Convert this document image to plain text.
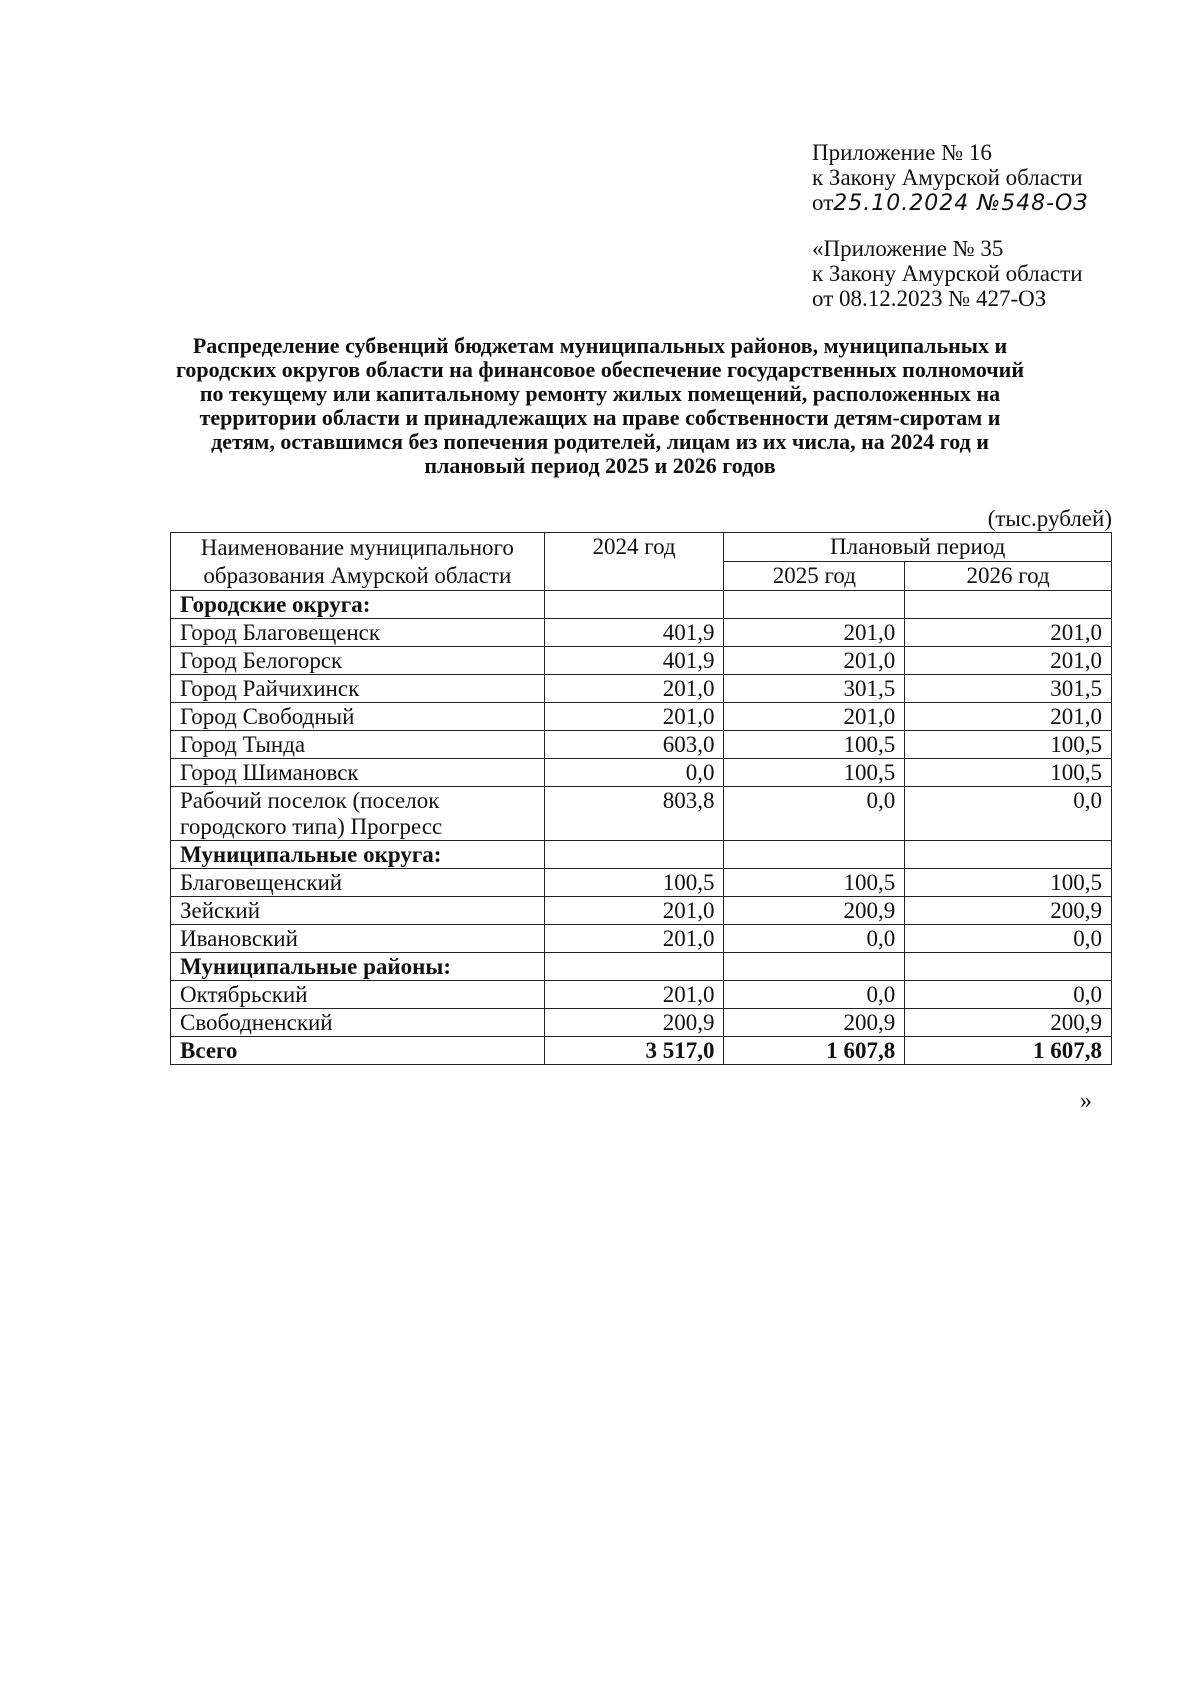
Приложение № 16
к Закону Амурской области
от25.10.2024 №548-ОЗ
«Приложение № 35
к Закону Амурской области
от 08.12.2023 № 427-ОЗ
Распределение субвенций бюджетам муниципальных районов, муниципальных и
городских округов области на финансовое обеспечение государственных полномочий
по текущему или капитальному ремонту жилых помещений, расположенных на
территории области и принадлежащих на праве собственности детям-сиротам и
детям, оставшимся без попечения родителей, лицам из их числа, на 2024 год и
плановый период 2025 и 2026 годов
(тыс.рублей)
Наименование муниципального образования Амурской области	2024 год	Плановый период	
		2025 год	2026 год
Городские округа:			
Город Благовещенск	401,9	201,0	201,0
Город Белогорск	401,9	201,0	201,0
Город Райчихинск	201,0	301,5	301,5
Город Свободный	201,0	201,0	201,0
Город Тында	603,0	100,5	100,5
Город Шимановск	0,0	100,5	100,5
Рабочий поселок (поселок городского типа) Прогресс	803,8	0,0	0,0
Муниципальные округа:			
Благовещенский	100,5	100,5	100,5
Зейский	201,0	200,9	200,9
Ивановский	201,0	0,0	0,0
Муниципальные районы:			
Октябрьский	201,0	0,0	0,0
Свободненский	200,9	200,9	200,9
Всего	3 517,0	1 607,8	1 607,8
»
